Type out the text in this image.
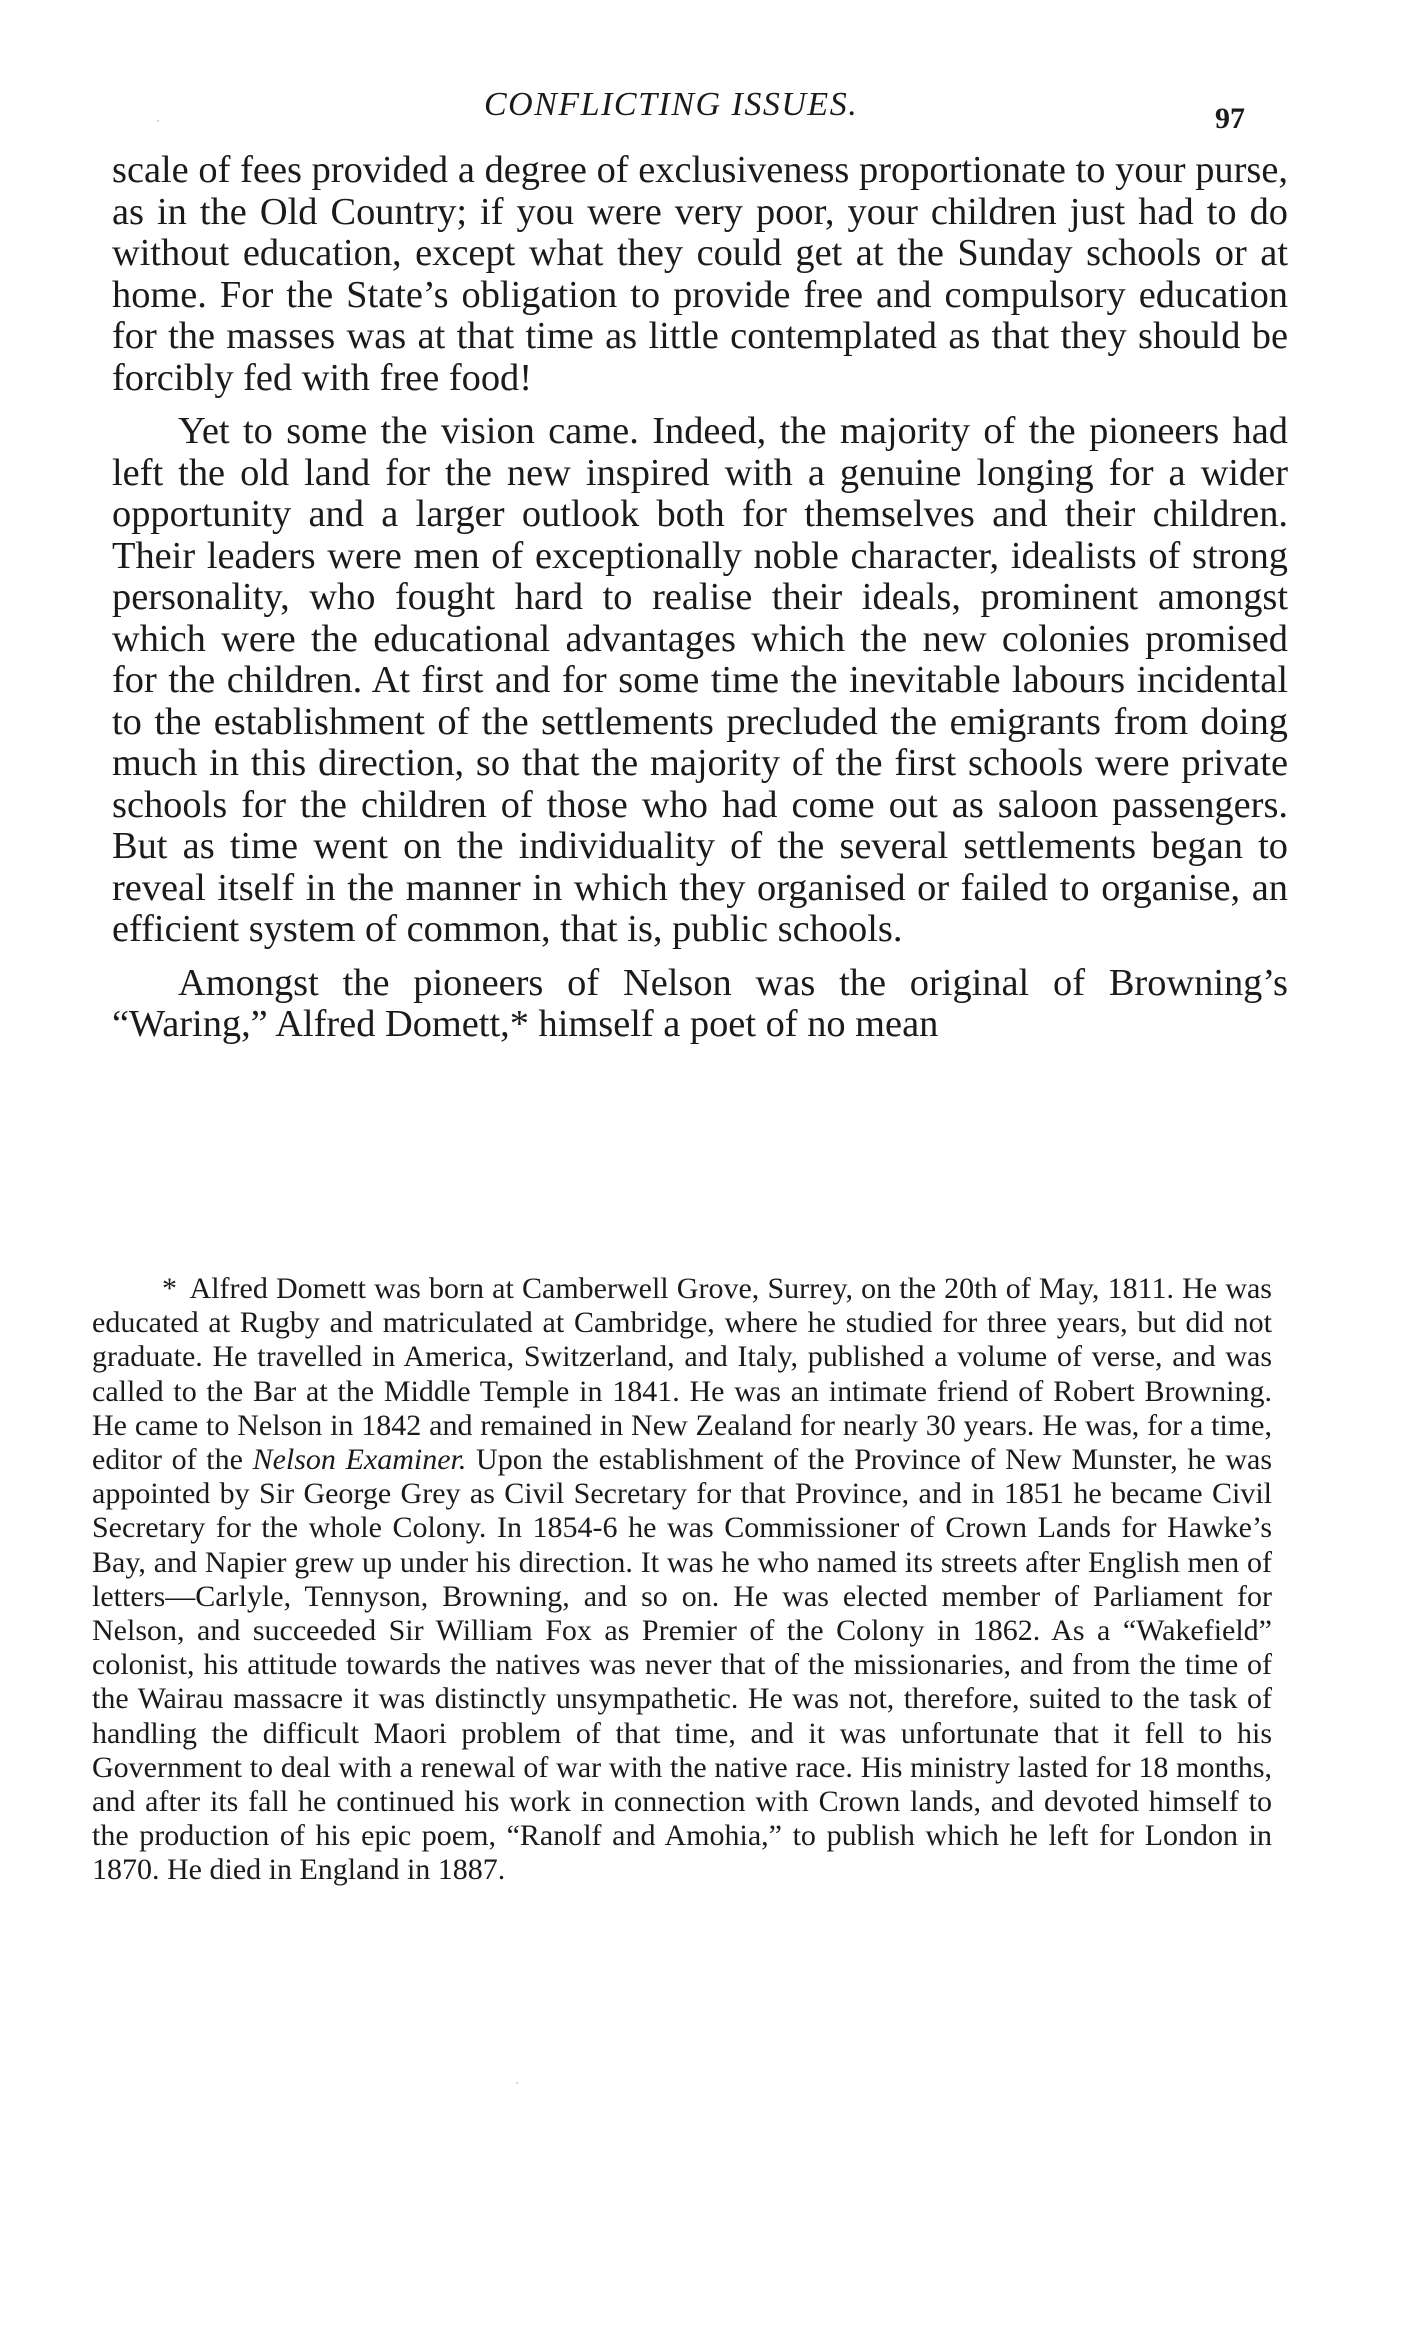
CONFLICTING ISSUES.	97

scale of fees provided a degree of exclusiveness proportionate to your purse, as in the Old Country; if you were very poor, your children just had to do without education, except what they could get at the Sunday schools or at home. For the State’s obligation to provide free and compulsory education for the masses was at that time as little contemplated as that they should be forcibly fed with free food!

Yet to some the vision came. Indeed, the majority of the pioneers had left the old land for the new inspired with a genuine longing for a wider opportunity and a larger outlook both for themselves and their children. Their leaders were men of exceptionally noble character, idealists of strong personality, who fought hard to realise their ideals, prominent amongst which were the educational advantages which the new colonies promised for the children. At first and for some time the inevitable labours incidental to the establishment of the settlements precluded the emigrants from doing much in this direction, so that the majority of the first schools were private schools for the children of those who had come out as saloon passengers. But as time went on the individuality of the several settlements began to reveal itself in the manner in which they organised or failed to organise, an efficient system of common, that is, public schools.

Amongst the pioneers of Nelson was the original of Browning’s “Waring,” Alfred Domett,* himself a poet of no mean

* Alfred Domett was born at Camberwell Grove, Surrey, on the 20th of May, 1811. He was educated at Rugby and matriculated at Cambridge, where he studied for three years, but did not graduate. He travelled in America, Switzerland, and Italy, published a volume of verse, and was called to the Bar at the Middle Temple in 1841. He was an intimate friend of Robert Browning. He came to Nelson in 1842 and remained in New Zealand for nearly 30 years. He was, for a time, editor of the Nelson Examiner. Upon the establishment of the Province of New Munster, he was appointed by Sir George Grey as Civil Secretary for that Province, and in 1851 he became Civil Secretary for the whole Colony. In 1854-6 he was Commissioner of Crown Lands for Hawke’s Bay, and Napier grew up under his direction. It was he who named its streets after English men of letters—Carlyle, Tennyson, Browning, and so on. He was elected member of Parliament for Nelson, and succeeded Sir William Fox as Premier of the Colony in 1862. As a “Wakefield” colonist, his attitude towards the natives was never that of the missionaries, and from the time of the Wairau massacre it was distinctly unsympathetic. He was not, therefore, suited to the task of handling the difficult Maori problem of that time, and it was unfortunate that it fell to his Government to deal with a renewal of war with the native race. His ministry lasted for 18 months, and after its fall he continued his work in connection with Crown lands, and devoted himself to the production of his epic poem, “Ranolf and Amohia,” to publish which he left for London in 1870. He died in England in 1887.
